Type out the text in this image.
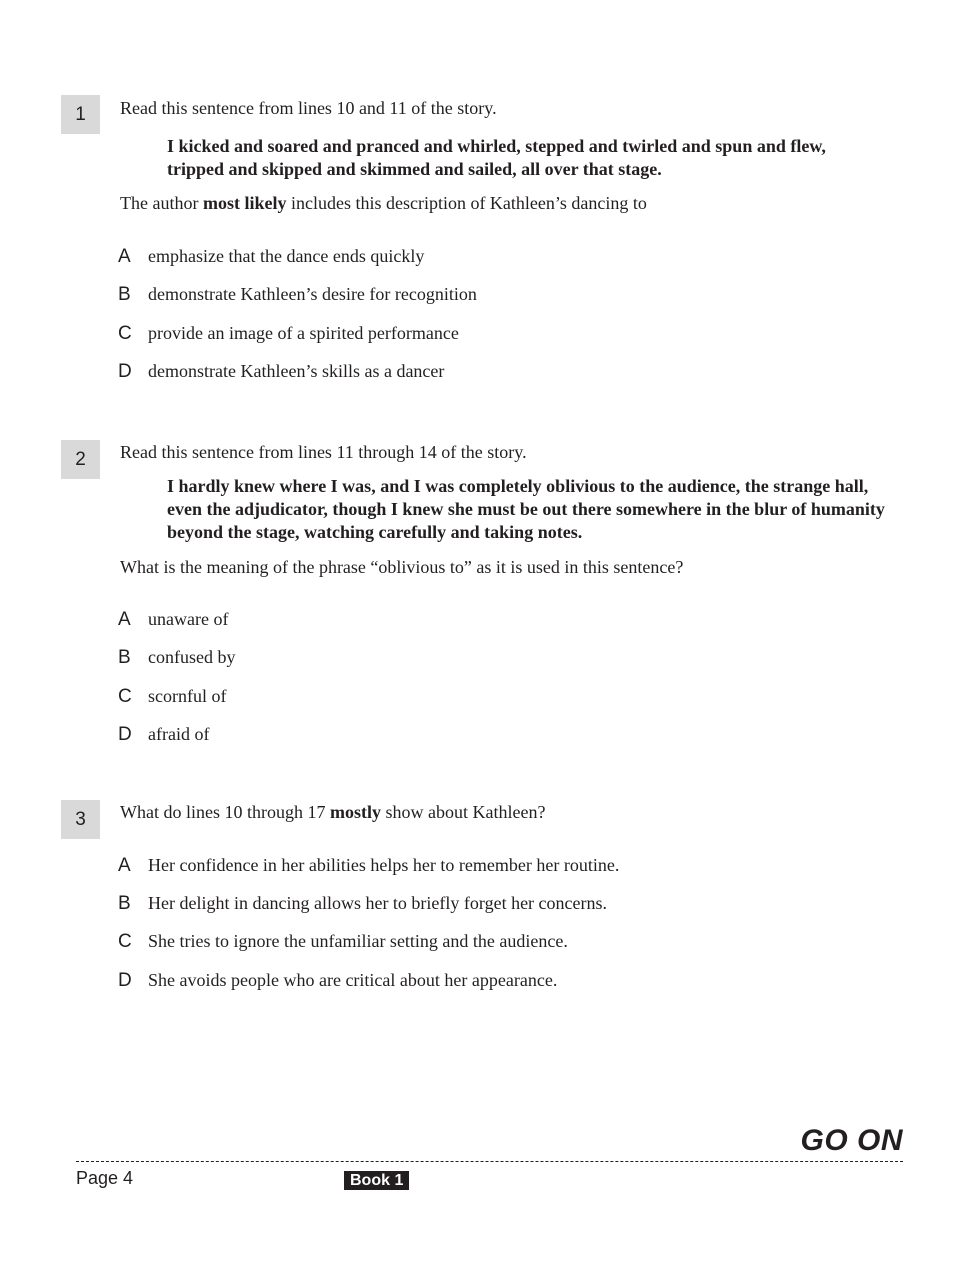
1	Read this sentence from lines 10 and 11 of the story.

I kicked and soared and pranced and whirled, stepped and twirled and spun and flew, tripped and skipped and skimmed and sailed, all over that stage.

The author most likely includes this description of Kathleen’s dancing to

A emphasize that the dance ends quickly
B demonstrate Kathleen’s desire for recognition
C provide an image of a spirited performance
D demonstrate Kathleen’s skills as a dancer
2	Read this sentence from lines 11 through 14 of the story.

I hardly knew where I was, and I was completely oblivious to the audience, the strange hall, even the adjudicator, though I knew she must be out there somewhere in the blur of humanity beyond the stage, watching carefully and taking notes.

What is the meaning of the phrase “oblivious to” as it is used in this sentence?

A unaware of
B confused by
C scornful of
D afraid of
3	What do lines 10 through 17 mostly show about Kathleen?

A Her confidence in her abilities helps her to remember her routine.
B Her delight in dancing allows her to briefly forget her concerns.
C She tries to ignore the unfamiliar setting and the audience.
D She avoids people who are critical about her appearance.
GO ON
Page 4	Book 1
